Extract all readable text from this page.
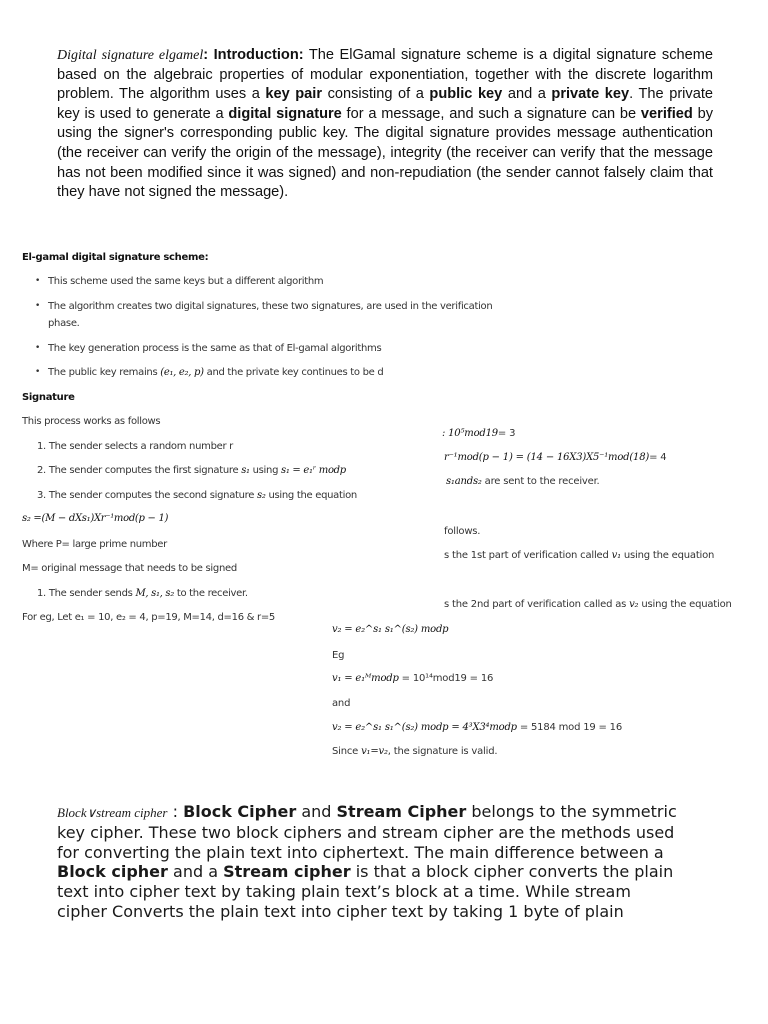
Digital signature elgamel: Introduction: The ElGamal signature scheme is a digital signature scheme based on the algebraic properties of modular exponentiation, together with the discrete logarithm problem. The algorithm uses a key pair consisting of a public key and a private key. The private key is used to generate a digital signature for a message, and such a signature can be verified by using the signer's corresponding public key. The digital signature provides message authentication (the receiver can verify the origin of the message), integrity (the receiver can verify that the message has not been modified since it was signed) and non-repudiation (the sender cannot falsely claim that they have not signed the message).
El-gamal digital signature scheme:
• This scheme used the same keys but a different algorithm
• The algorithm creates two digital signatures, these two signatures, are used in the verification
phase.
• The key generation process is the same as that of El-gamal algorithms
• The public key remains (e₁, e₂, p) and the private key continues to be d
Signature
This process works as follows
1. The sender selects a random number r
2. The sender computes the first signature s₁ using s₁ = e₁ʳ modp
3. The sender computes the second signature s₂ using the equation
s₂ =(M − dXs₁)Xr⁻¹mod(p − 1)
Where P= large prime number
M= original message that needs to be signed
1. The sender sends M, s₁, s₂ to the receiver.
For eg, Let e₁ = 10, e₂ = 4, p=19, M=14, d=16 & r=5
: 10⁵mod19= 3
r⁻¹mod(p − 1) = (14 − 16X3)X5⁻¹mod(18)= 4
s₁ands₂ are sent to the receiver.
follows.
s the 1st part of verification called v₁ using the equation
s the 2nd part of verification called as v₂ using the equation
v₂ = e₂^s₁ s₁^(s₂) modp
Eg
v₁ = e₁ᴹmodp = 10¹⁴mod19 = 16
and
v₂ = e₂^s₁ s₁^(s₂) modp = 4³X3⁴modp = 5184 mod 19 = 16
Since v₁=v₂, the signature is valid.
Block∨stream cipher : Block Cipher and Stream Cipher belongs to the symmetric key cipher. These two block ciphers and stream cipher are the methods used for converting the plain text into ciphertext. The main difference between a Block cipher and a Stream cipher is that a block cipher converts the plain text into cipher text by taking plain text’s block at a time. While stream cipher Converts the plain text into cipher text by taking 1 byte of plain
